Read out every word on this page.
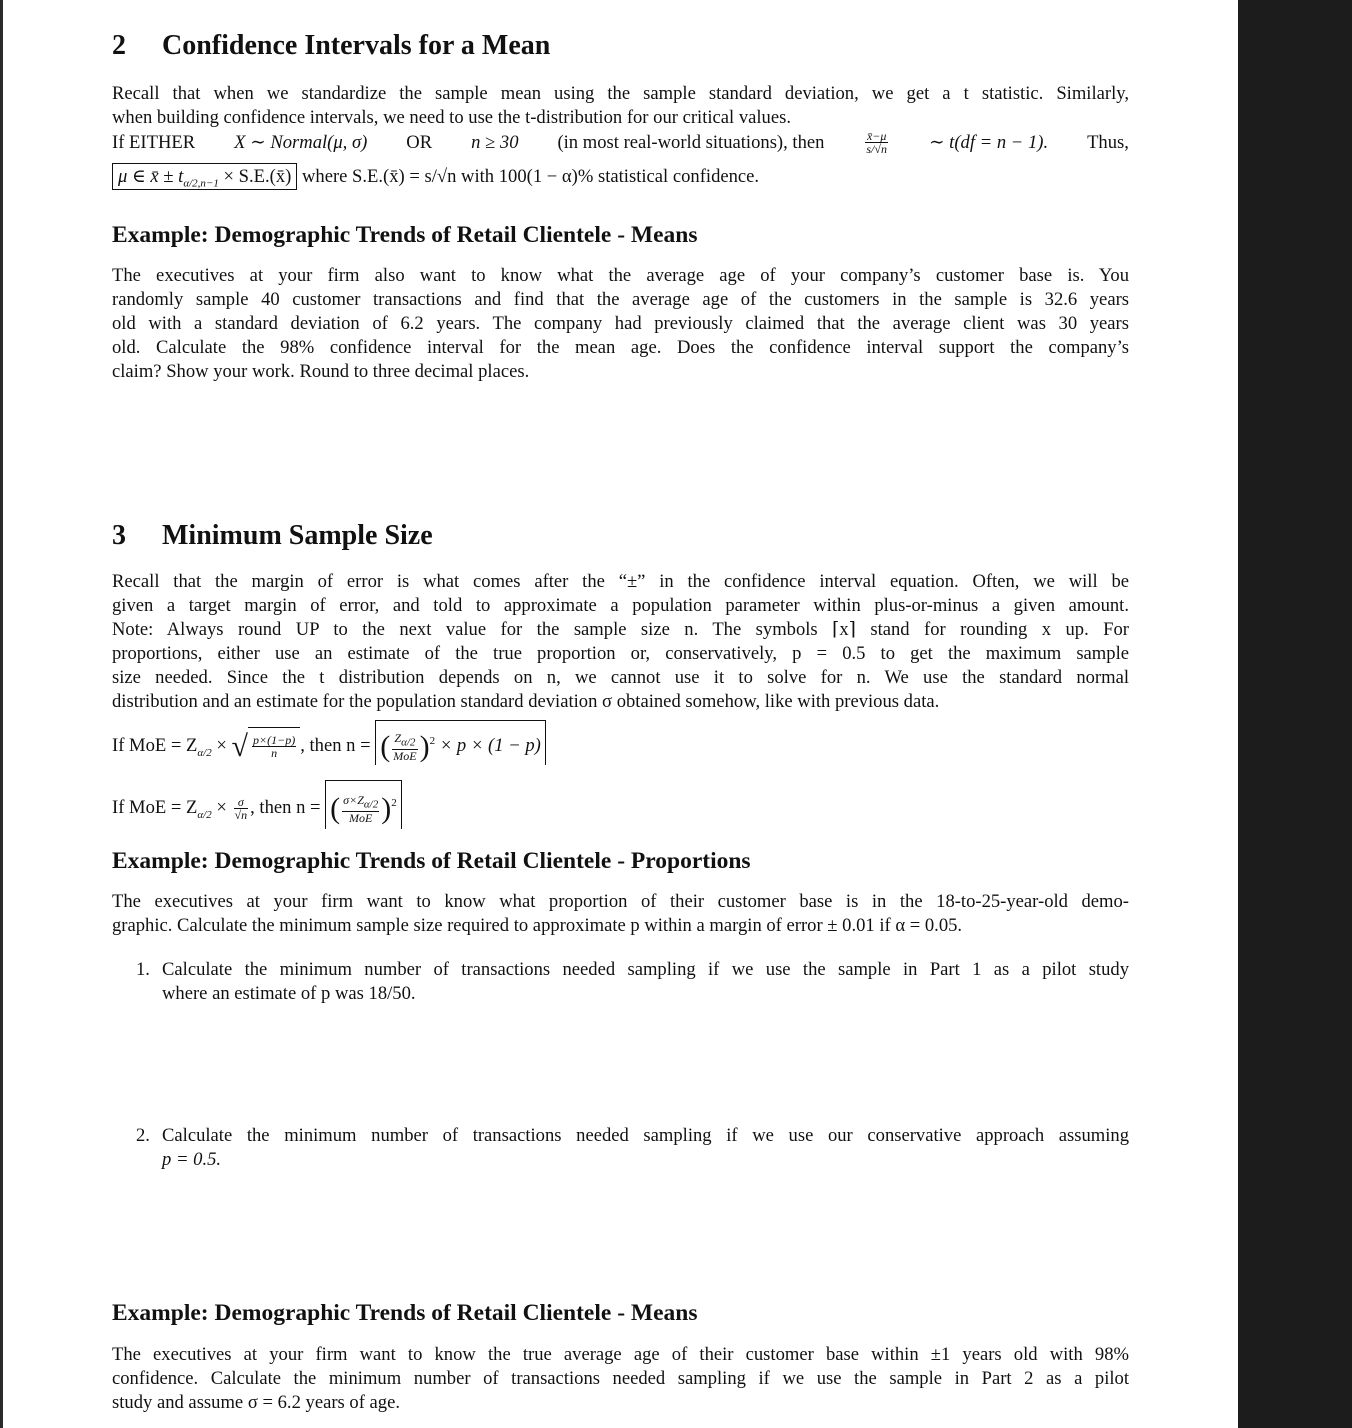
2 Confidence Intervals for a Mean
Recall that when we standardize the sample mean using the sample standard deviation, we get a t statistic. Similarly,
when building confidence intervals, we need to use the t-distribution for our critical values.
If EITHER X ∼ Normal(μ, σ) OR n ≥ 30 (in most real-world situations), then	$\frac{x̄-\mu}{s/√n}$ ∼ t(df = n − 1). Thus,
μ ∈ x̄ ± $t_{\alpha/2,n-1}$ × S.E.(x̄) where S.E.(x̄) = s/√n with 100(1 − α)% statistical confidence.
Example: Demographic Trends of Retail Clientele - Means
The executives at your firm also want to know what the average age of your company’s customer base is. You
randomly sample 40 customer transactions and find that the average age of the customers in the sample is 32.6 years
old with a standard deviation of 6.2 years. The company had previously claimed that the average client was 30 years
old. Calculate the 98% confidence interval for the mean age. Does the confidence interval support the company’s
claim? Show your work. Round to three decimal places.
3 Minimum Sample Size
Recall that the margin of error is what comes after the “±” in the confidence interval equation. Often, we will be
given a target margin of error, and told to approximate a population parameter within plus-or-minus a given amount.
Note: Always round UP to the next value for the sample size n. The symbols ⌈x⌉ stand for rounding x up. For
proportions, either use an estimate of the true proportion or, conservatively, p = 0.5 to get the maximum sample
size needed. Since the t distribution depends on n, we cannot use it to solve for n. We use the standard normal
distribution and an estimate for the population standard deviation σ obtained somehow, like with previous data.
If MoE = $Z_{\alpha/2}$ × √ $\frac{p\times(1-p)}{n}$ , then n = ( $\frac{Z_{\alpha/2}}{\text{MoE}} )^2 \times p \times (1 - p)$
If MoE = $Z_{\alpha/2} \times \frac{\sigma}{√n}$ , then n = ( $\frac{\sigma\times Z_{\alpha/2}}{\text{MoE}} )^2$
Example: Demographic Trends of Retail Clientele - Proportions
The executives at your firm want to know what proportion of their customer base is in the 18-to-25-year-old demo-
graphic. Calculate the minimum sample size required to approximate p within a margin of error ± 0.01 if α = 0.05.
1. Calculate the minimum number of transactions needed sampling if we use the sample in Part 1 as a pilot study
where an estimate of p was 18/50.
2. Calculate the minimum number of transactions needed sampling if we use our conservative approach assuming
p = 0.5.
Example: Demographic Trends of Retail Clientele - Means
The executives at your firm want to know the true average age of their customer base within ±1 years old with 98%
confidence. Calculate the minimum number of transactions needed sampling if we use the sample in Part 2 as a pilot
study and assume σ = 6.2 years of age.
